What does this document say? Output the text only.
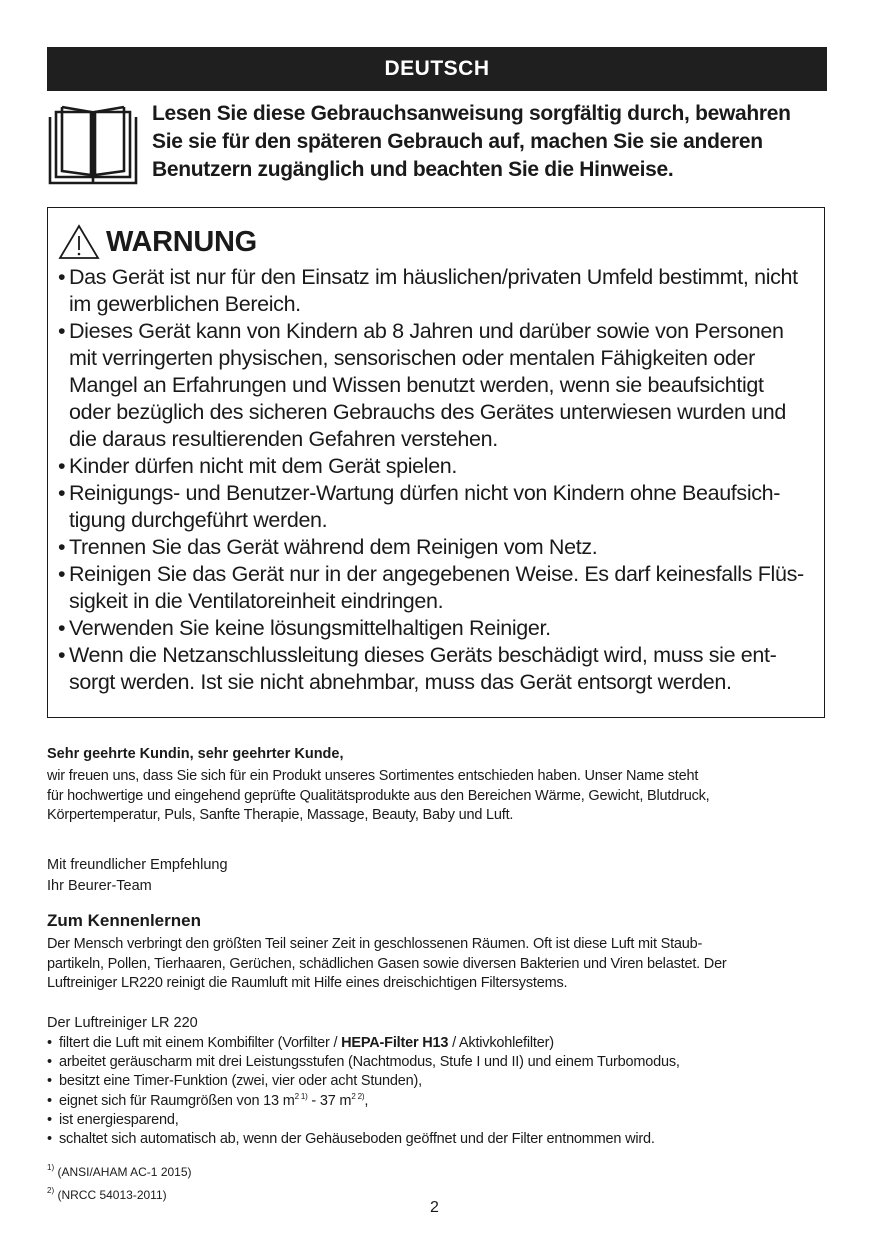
DEUTSCH
Lesen Sie diese Gebrauchsanweisung sorgfältig durch, bewahren
Sie sie für den späteren Gebrauch auf, machen Sie sie anderen
Benutzern zugänglich und beachten Sie die Hinweise.
WARNUNG
• Das Gerät ist nur für den Einsatz im häuslichen/privaten Umfeld bestimmt, nicht
im gewerblichen Bereich.
• Dieses Gerät kann von Kindern ab 8 Jahren und darüber sowie von Personen
mit verringerten physischen, sensorischen oder mentalen Fähigkeiten oder
Mangel an Erfahrungen und Wissen benutzt werden, wenn sie beaufsichtigt
oder bezüglich des sicheren Gebrauchs des Gerätes unterwiesen wurden und
die daraus resultierenden Gefahren verstehen.
• Kinder dürfen nicht mit dem Gerät spielen.
• Reinigungs- und Benutzer-Wartung dürfen nicht von Kindern ohne Beaufsich-
tigung durchgeführt werden.
• Trennen Sie das Gerät während dem Reinigen vom Netz.
• Reinigen Sie das Gerät nur in der angegebenen Weise. Es darf keinesfalls Flüs-
sigkeit in die Ventilatoreinheit eindringen.
• Verwenden Sie keine lösungsmittelhaltigen Reiniger.
• Wenn die Netzanschlussleitung dieses Geräts beschädigt wird, muss sie ent-
sorgt werden. Ist sie nicht abnehmbar, muss das Gerät entsorgt werden.
Sehr geehrte Kundin, sehr geehrter Kunde,
wir freuen uns, dass Sie sich für ein Produkt unseres Sortimentes entschieden haben. Unser Name steht
für hochwertige und eingehend geprüfte Qualitätsprodukte aus den Bereichen Wärme, Gewicht, Blutdruck,
Körpertemperatur, Puls, Sanfte Therapie, Massage, Beauty, Baby und Luft.
Mit freundlicher Empfehlung
Ihr Beurer-Team
Zum Kennenlernen
Der Mensch verbringt den größten Teil seiner Zeit in geschlossenen Räumen. Oft ist diese Luft mit Staub-
partikeln, Pollen, Tierhaaren, Gerüchen, schädlichen Gasen sowie diversen Bakterien und Viren belastet. Der
Luftreiniger LR220 reinigt die Raumluft mit Hilfe eines dreischichtigen Filtersystems.
Der Luftreiniger LR 220
• filtert die Luft mit einem Kombifilter (Vorfilter / HEPA-Filter H13 / Aktivkohlefilter)
• arbeitet geräuscharm mit drei Leistungsstufen (Nachtmodus, Stufe I und II) und einem Turbomodus,
• besitzt eine Timer-Funktion (zwei, vier oder acht Stunden),
• eignet sich für Raumgrößen von 13 $m^{2 1)} - 37$ $m^{2 2)}$,
• ist energiesparend,
• schaltet sich automatisch ab, wenn der Gehäuseboden geöffnet und der Filter entnommen wird.
$^{1)}$ (ANSI/AHAM AC-1 2015)
$^{2)}$ (NRCC 54013-2011)
2
